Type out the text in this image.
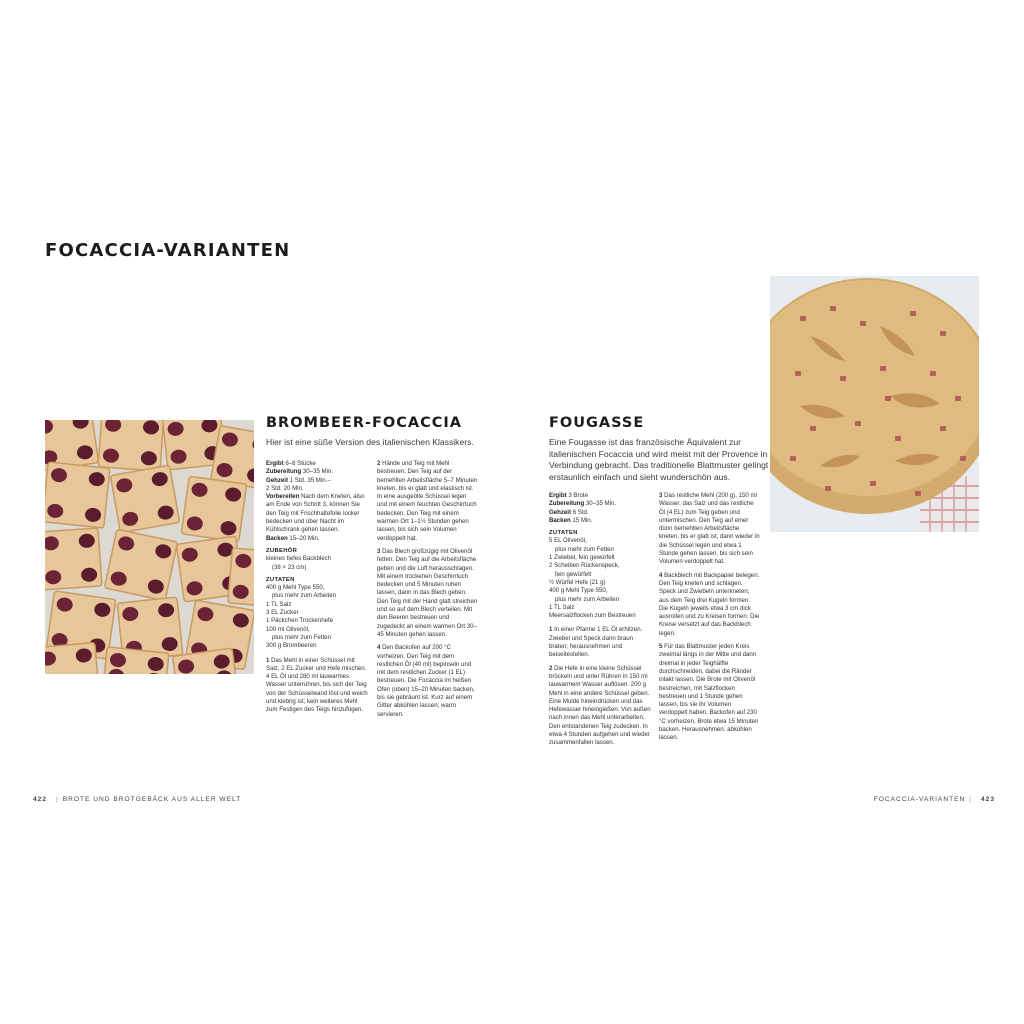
FOCACCIA-VARIANTEN
BROMBEER-FOCACCIA
Hier ist eine süße Version des italienischen Klassikers.
Ergibt 6–8 Stücke
Zubereitung 30–35 Min.
Gehzeit 1 Std. 35 Min.–
2 Std. 20 Min.
Vorbereiten Nach dem Kneten, also am Ende von Schritt 3, können Sie den Teig mit Frischhaltefolie locker bedecken und über Nacht im Kühlschrank gehen lassen.
Backen 15–20 Min.
ZUBEHÖR
kleines tiefes Backblech
(38 × 23 cm)
ZUTATEN
400 g Mehl Type 550,
plus mehr zum Arbeiten
1 TL Salz
3 EL Zucker
1 Päckchen Trockenhefe
100 ml Olivenöl,
plus mehr zum Fetten
300 g Brombeeren

1 Das Mehl in einer Schüssel mit Salz, 2 EL Zucker und Hefe mischen. 4 EL Öl und 280 ml lauwarmes Wasser unterrühren, bis sich der Teig von der Schüsselwand löst und weich und klebrig ist; kein weiteres Mehl zum Festigen des Teigs hinzufügen.

2 Hände und Teig mit Mehl bestreuen. Den Teig auf der bemehlten Arbeitsfläche 5–7 Minuten kneten, bis er glatt und elastisch ist. In eine ausgeölte Schüssel legen und mit einem feuchten Geschirrtuch bedecken. Den Teig mit einem warmen Ort 1–1½ Stunden gehen lassen, bis sich sein Volumen verdoppelt hat.

3 Das Blech großzügig mit Olivenöl fetten. Den Teig auf die Arbeitsfläche geben und die Luft herausschlagen. Mit einem trockenen Geschirrtuch bedecken und 5 Minuten ruhen lassen, dann in das Blech geben. Den Teig mit der Hand glatt streichen und so auf dem Blech verteilen. Mit den Beeren bestreuen und zugedeckt an einem warmen Ort 30–45 Minuten gehen lassen.

4 Den Backofen auf 200 °C vorheizen. Den Teig mit dem restlichen Öl (40 ml) bepinseln und mit dem restlichen Zucker (1 EL) bestreuen. Die Focaccia im heißen Ofen (oben) 15–20 Minuten backen, bis sie gebräunt ist. Kurz auf einem Gitter abkühlen lassen; warm servieren.

FOUGASSE
Eine Fougasse ist das französische Äquivalent zur italienischen Focaccia und wird meist mit der Provence in Verbindung gebracht. Das traditionelle Blattmuster gelingt erstaunlich einfach und sieht wunderschön aus.
Ergibt 3 Brote
Zubereitung 30–35 Min.
Gehzeit 6 Std.
Backen 15 Min.
ZUTATEN
5 EL Olivenöl,
plus mehr zum Fetten
1 Zwiebel, fein gewürfelt
2 Scheiben Rückenspeck,
fein gewürfelt
½ Würfel Hefe (21 g)
400 g Mehl Type 550,
plus mehr zum Arbeiten
1 TL Salz
Meersalzflocken zum Bestreuen

1 In einer Pfanne 1 EL Öl erhitzen. Zwiebel und Speck darin braun braten; herausnehmen und beiseitestellen.

2 Die Hefe in eine kleine Schüssel bröckeln und unter Rühren in 150 ml lauwarmem Wasser auflösen. 200 g Mehl in eine andere Schüssel geben. Eine Mulde hineindrücken und das Hefewasser hineingießen. Von außen nach innen das Mehl unterarbeiten. Den entstandenen Teig zudecken. In etwa 4 Stunden aufgehen und wieder zusammenfallen lassen.

3 Das restliche Mehl (200 g), 150 ml Wasser, das Salz und das restliche Öl (4 EL) zum Teig geben und untermischen. Den Teig auf einer dünn bemehlten Arbeitsfläche kneten, bis er glatt ist, dann wieder in die Schüssel legen und etwa 1 Stunde gehen lassen, bis sich sein Volumen verdoppelt hat.

4 Backblech mit Backpapier belegen. Den Teig kneten und schlagen. Speck und Zwiebeln unterkneten; aus dem Teig drei Kugeln formen. Die Kugeln jeweils etwa 3 cm dick ausrollen und zu Kreisen formen. Die Kreise versetzt auf das Backblech legen.

5 Für das Blattmuster jeden Kreis zweimal längs in der Mitte und dann dreimal in jeder Teighälfte durchschneiden, dabei die Ränder intakt lassen. Die Brote mit Olivenöl bestreichen, mit Salzflocken bestreuen und 1 Stunde gehen lassen, bis sie ihr Volumen verdoppelt haben. Backofen auf 230 °C vorheizen. Brote etwa 15 Minuten backen. Herausnehmen; abkühlen lassen.

422 | BROTE UND BROTGEBÄCK AUS ALLER WELT	FOCACCIA-VARIANTEN | 423
